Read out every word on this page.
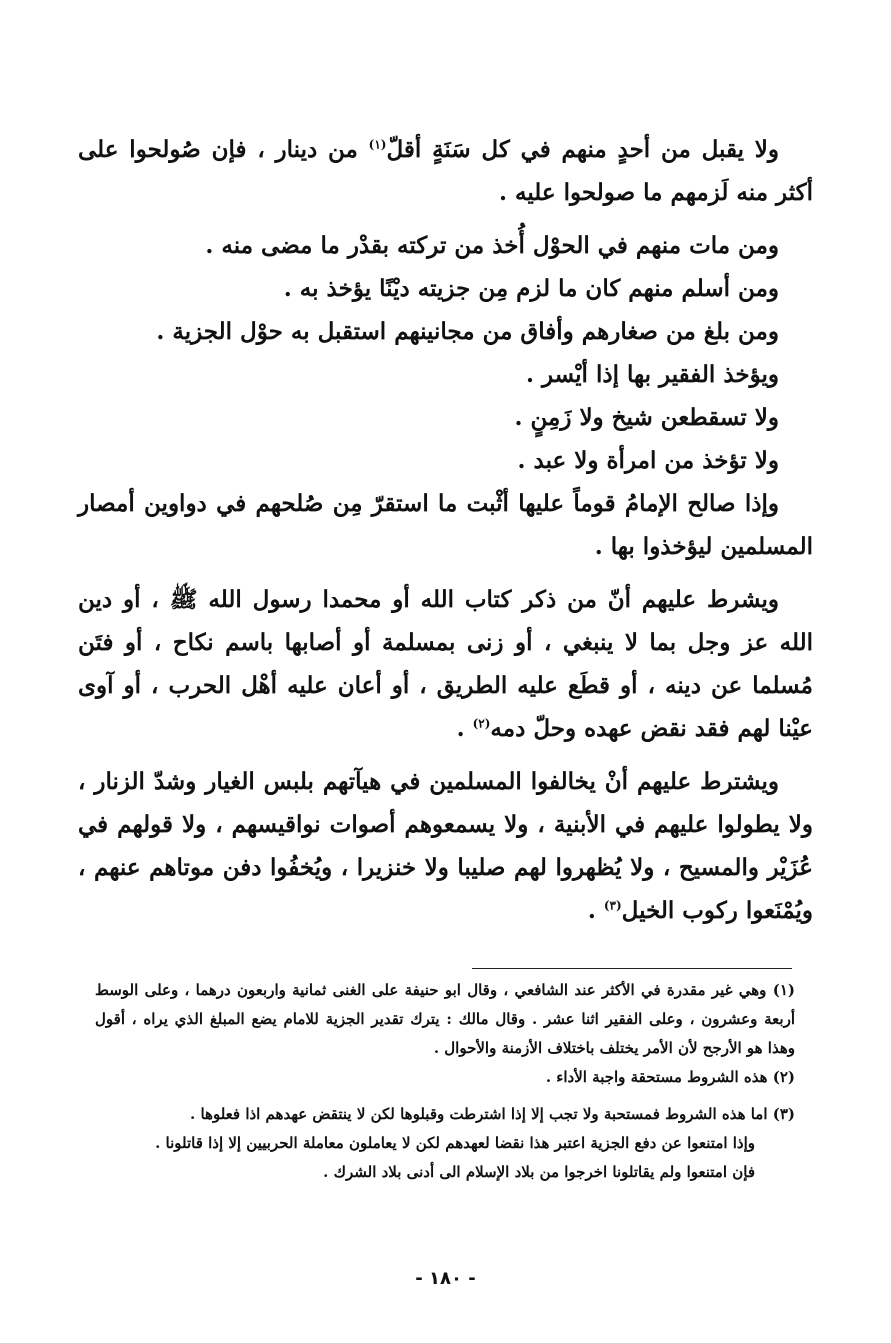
ولا يقبل من أحدٍ منهم في كل سَنَةٍ أقلّ$^{(١)}$ من دينار ، فإن صُولحوا على أكثر منه لَزمهم ما صولحوا عليه .

ومن مات منهم في الحوْل أُخذ من تركته بقدْر ما مضى منه .

ومن أسلم منهم كان ما لزم مِن جزيته ديْنًا يؤخذ به .

ومن بلغ من صغارهم وأفاق من مجانينهم استقبل به حوْل الجزية .

ويؤخذ الفقير بها إذا أيْسر .

ولا تسقطعن شيخ ولا زَمِنٍ .

ولا تؤخذ من امرأة ولا عبد .

وإذا صالح الإمامُ قوماً عليها أثْبت ما استقرّ مِن صُلحهم في دواوين أمصار المسلمين ليؤخذوا بها .

ويشرط عليهم أنّ من ذكر كتاب الله أو محمدا رسول الله ﷺ ، أو دين الله عز وجل بما لا ينبغي ، أو زنى بمسلمة أو أصابها باسم نكاح ، أو فتَن مُسلما عن دينه ، أو قطَع عليه الطريق ، أو أعان عليه أهْل الحرب ، أو آوى عيْنا لهم فقد نقض عهده وحلّ دمه$^{(٢)}$ .

ويشترط عليهم أنْ يخالفوا المسلمين في هيآتهم بلبس الغيار وشدّ الزنار ، ولا يطولوا عليهم في الأبنية ، ولا يسمعوهم أصوات نواقيسهم ، ولا قولهم في عُزَيْر والمسيح ، ولا يُظهروا لهم صليبا ولا خنزيرا ، ويُخفُوا دفن موتاهم عنهم ، ويُمْنَعوا ركوب الخيل$^{(٣)}$ .

(١) وهي غير مقدرة في الأكثر عند الشافعي ، وقال ابو حنيفة على الغنى ثمانية واربعون درهما ، وعلى الوسط أربعة وعشرون ، وعلى الفقير اثنا عشر . وقال مالك : يترك تقدير الجزية للامام يضع المبلغ الذي يراه ، أقول وهذا هو الأرجح لأن الأمر يختلف باختلاف الأزمنة والأحوال .

(٢) هذه الشروط مستحقة واجبة الأداء .

(٣) اما هذه الشروط فمستحبة ولا تجب إلا إذا اشترطت وقبلوها لكن لا ينتقض عهدهم اذا فعلوها .
وإذا امتنعوا عن دفع الجزية اعتبر هذا نقضا لعهدهم لكن لا يعاملون معاملة الحربيين إلا إذا قاتلونا .
فإن امتنعوا ولم يقاتلونا اخرجوا من بلاد الإسلام الى أدنى بلاد الشرك .

- ١٨٠ -
